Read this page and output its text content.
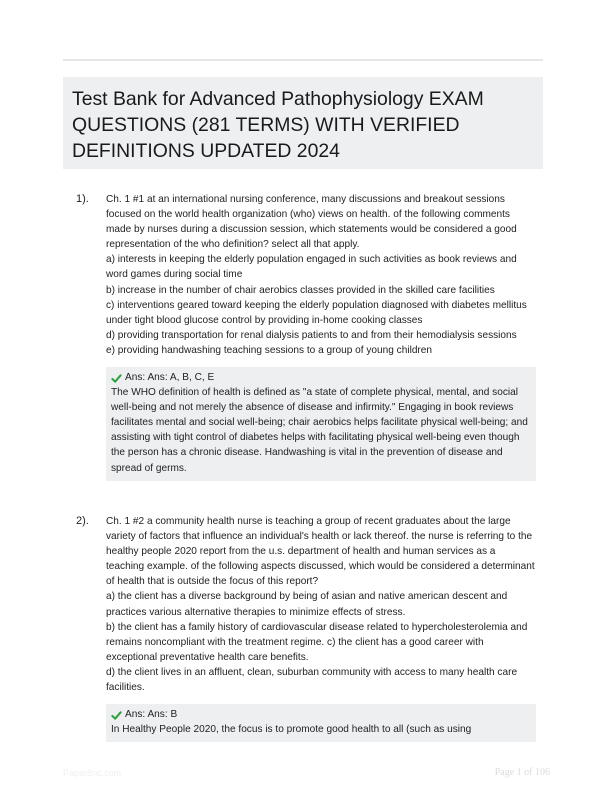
Test Bank for Advanced Pathophysiology EXAM QUESTIONS (281 TERMS) WITH VERIFIED DEFINITIONS UPDATED 2024
1). Ch. 1 #1 at an international nursing conference, many discussions and breakout sessions focused on the world health organization (who) views on health. of the following comments made by nurses during a discussion session, which statements would be considered a good representation of the who definition? select all that apply.

a) interests in keeping the elderly population engaged in such activities as book reviews and word games during social time

b) increase in the number of chair aerobics classes provided in the skilled care facilities

c) interventions geared toward keeping the elderly population diagnosed with diabetes mellitus under tight blood glucose control by providing in-home cooking classes

d) providing transportation for renal dialysis patients to and from their hemodialysis sessions

e) providing handwashing teaching sessions to a group of young children

Ans: Ans: A, B, C, E

The WHO definition of health is defined as "a state of complete physical, mental, and social well-being and not merely the absence of disease and infirmity." Engaging in book reviews facilitates mental and social well-being; chair aerobics helps facilitate physical well-being; and assisting with tight control of diabetes helps with facilitating physical well-being even though the person has a chronic disease. Handwashing is vital in the prevention of disease and spread of germs.

2). Ch. 1 #2 a community health nurse is teaching a group of recent graduates about the large variety of factors that influence an individual's health or lack thereof. the nurse is referring to the healthy people 2020 report from the u.s. department of health and human services as a teaching example. of the following aspects discussed, which would be considered a determinant of health that is outside the focus of this report?

a) the client has a diverse background by being of asian and native american descent and practices various alternative therapies to minimize effects of stress.

b) the client has a family history of cardiovascular disease related to hypercholesterolemia and remains noncompliant with the treatment regime. c) the client has a good career with exceptional preventative health care benefits.

d) the client lives in an affluent, clean, suburban community with access to many health care facilities.

Ans: Ans: B

In Healthy People 2020, the focus is to promote good health to all (such as using

Paper8nc.com	Page 1 of 106
